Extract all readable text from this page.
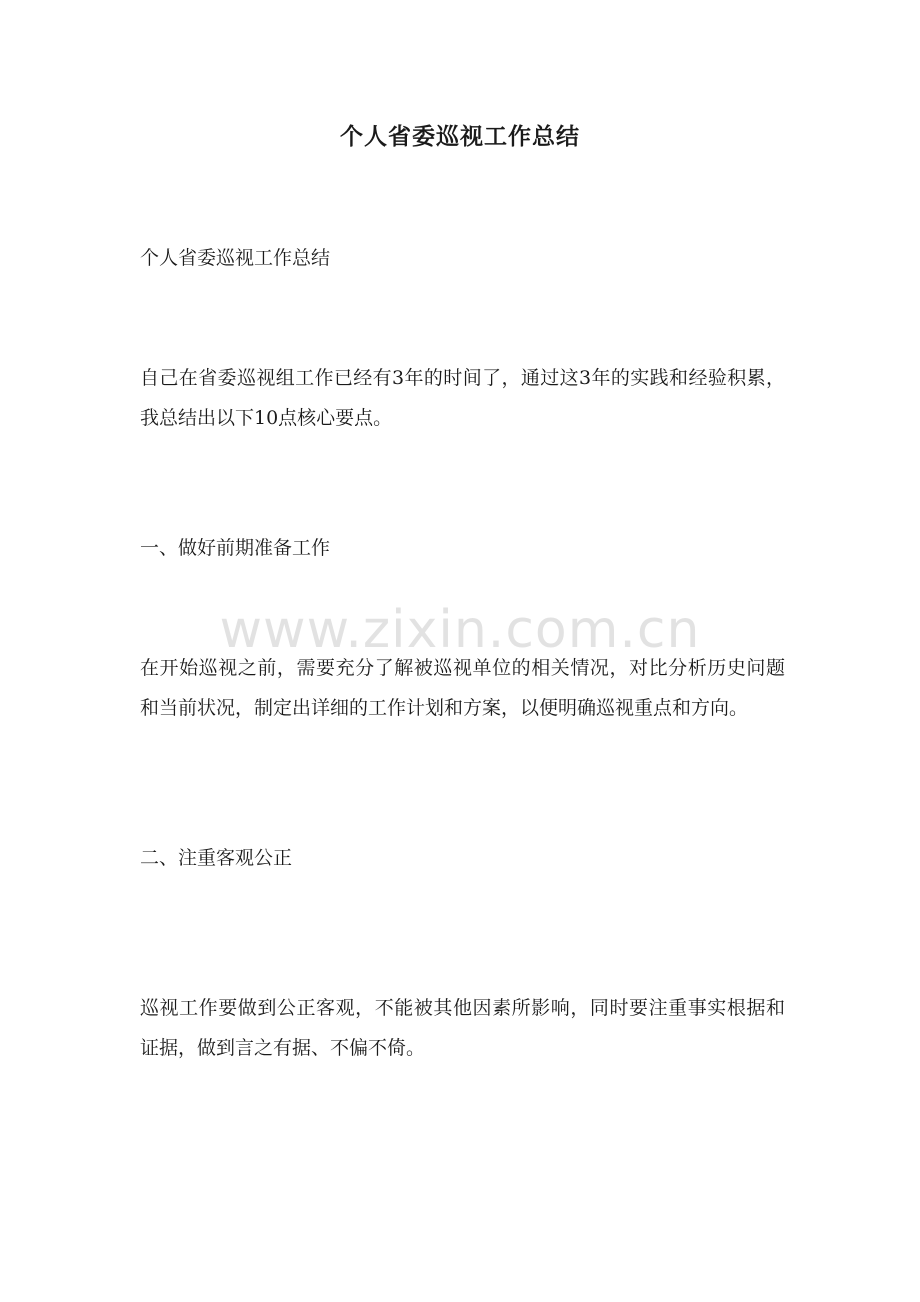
个人省委巡视工作总结

个人省委巡视工作总结

自己在省委巡视组工作已经有3年的时间了，通过这3年的实践和经验积累，我总结出以下10点核心要点。

一、做好前期准备工作

在开始巡视之前，需要充分了解被巡视单位的相关情况，对比分析历史问题和当前状况，制定出详细的工作计划和方案，以便明确巡视重点和方向。

二、注重客观公正

巡视工作要做到公正客观，不能被其他因素所影响，同时要注重事实根据和证据，做到言之有据、不偏不倚。

www.zixin.com.cn
